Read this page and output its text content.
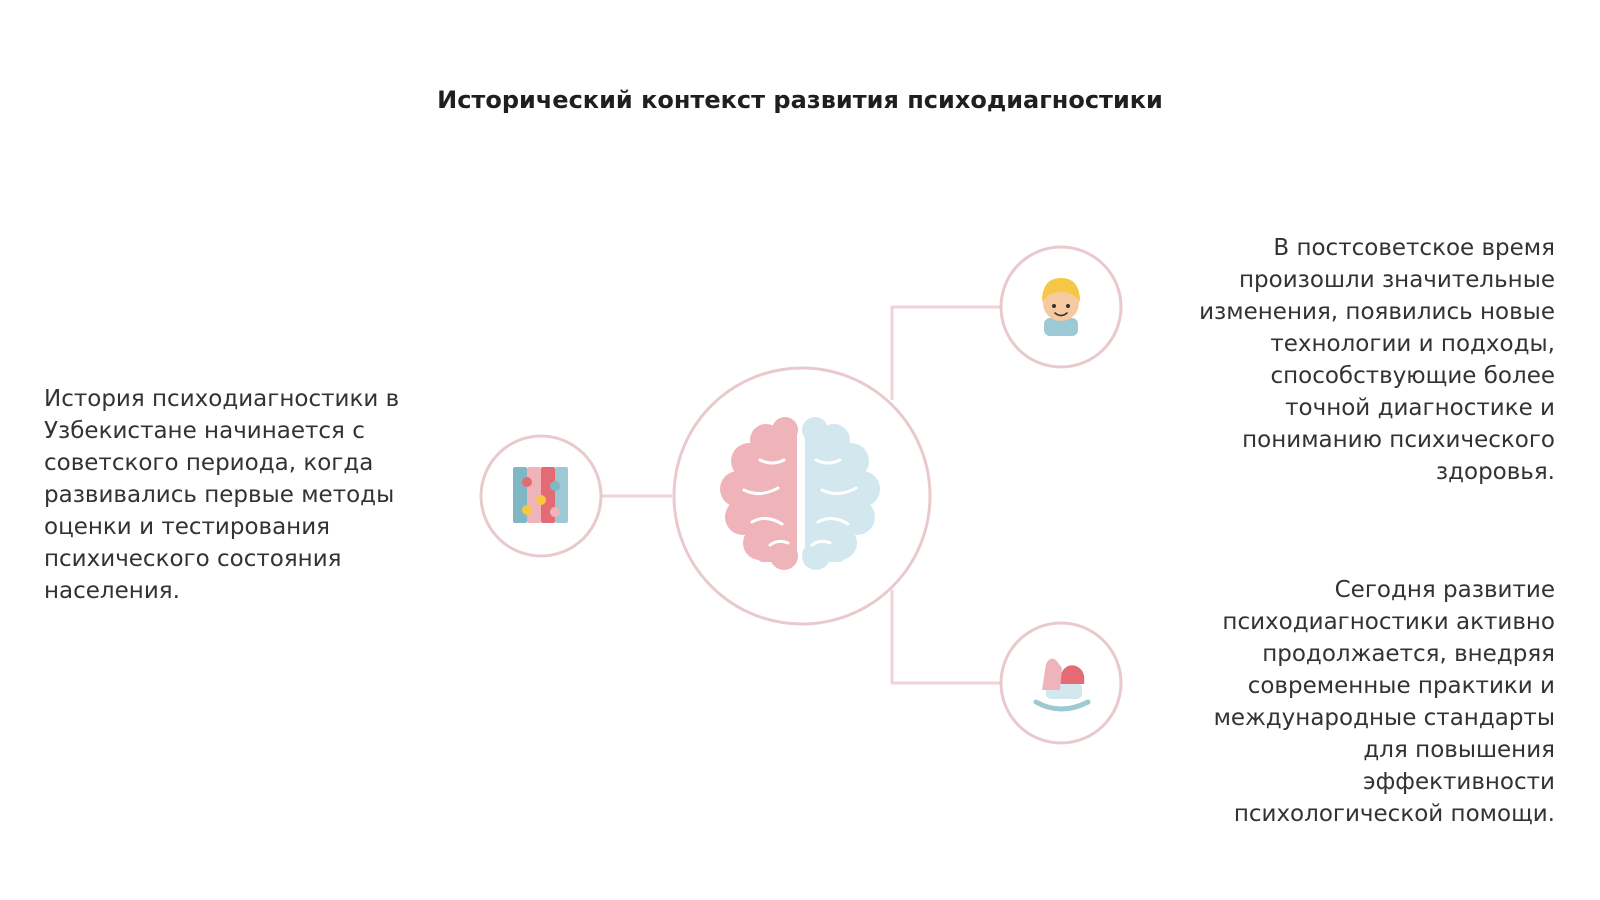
Исторический контекст развития психодиагностики
История психодиагностики в
Узбекистане начинается с
советского периода, когда
развивались первые методы
оценки и тестирования
психического состояния
населения.
В постсоветское время
произошли значительные
изменения, появились новые
технологии и подходы,
способствующие более
точной диагностике и
пониманию психического
здоровья.
Сегодня развитие
психодиагностики активно
продолжается, внедряя
современные практики и
международные стандарты
для повышения
эффективности
психологической помощи.
